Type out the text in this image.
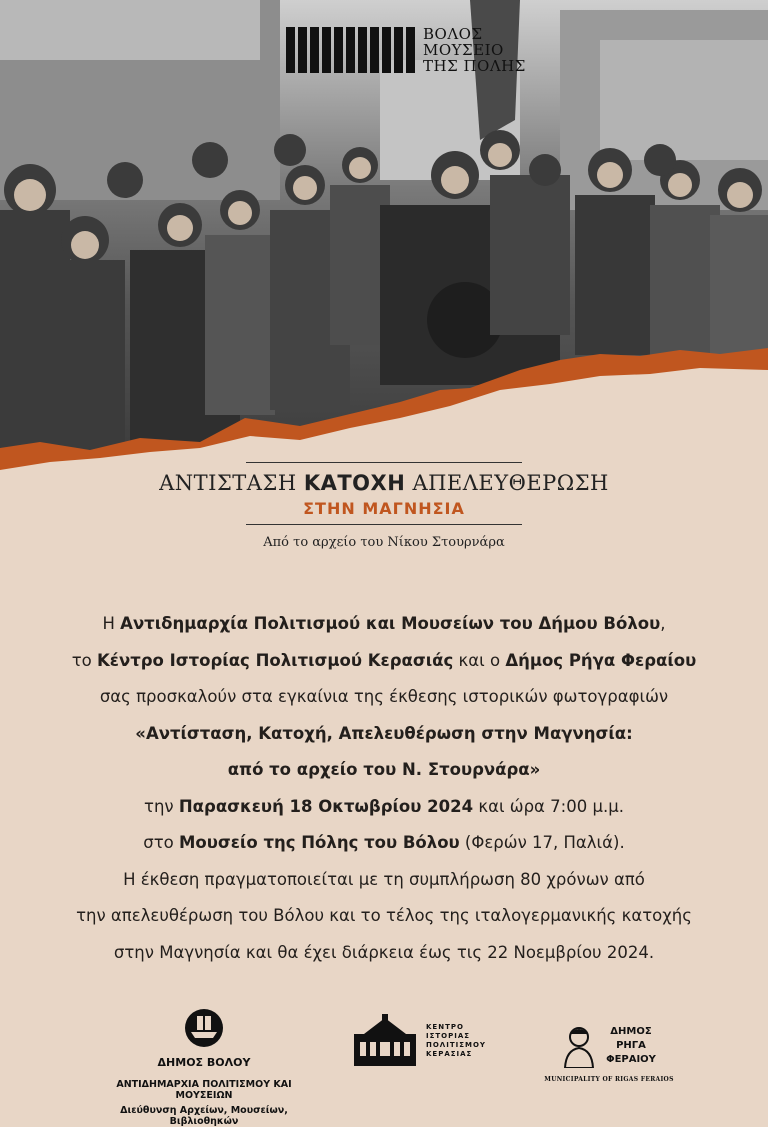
ΒΟΛΟΣ
ΜΟΥΣΕΙΟ
ΤΗΣ ΠΟΛΗΣ
ΑΝΤΙΣΤΑΣΗ ΚΑΤΟΧΗ ΑΠΕΛΕΥΘΕΡΩΣΗ
ΣΤΗΝ ΜΑΓΝΗΣΙΑ
Από το αρχείο του Νίκου Στουρνάρα

Η Αντιδημαρχία Πολιτισμού και Μουσείων του Δήμου Βόλου,

το Κέντρο Ιστορίας Πολιτισμού Κερασιάς και ο Δήμος Ρήγα Φεραίου

σας προσκαλούν στα εγκαίνια της έκθεσης ιστορικών φωτογραφιών

«Αντίσταση, Κατοχή, Απελευθέρωση στην Μαγνησία:

από το αρχείο του Ν. Στουρνάρα»

την Παρασκευή 18 Οκτωβρίου 2024 και ώρα 7:00 μ.μ.

στο Μουσείο της Πόλης του Βόλου (Φερών 17, Παλιά).

Η έκθεση πραγματοποιείται με τη συμπλήρωση 80 χρόνων από

την απελευθέρωση του Βόλου και το τέλος της ιταλογερμανικής κατοχής

στην Μαγνησία και θα έχει διάρκεια έως τις 22 Νοεμβρίου 2024.

ΔΗΜΟΣ ΒΟΛΟΥ
ΑΝΤΙΔΗΜΑΡΧΙΑ ΠΟΛΙΤΙΣΜΟΥ ΚΑΙ ΜΟΥΣΕΙΩΝ
Διεύθυνση Αρχείων, Μουσείων, Βιβλιοθηκών
ΚΕΝΤΡΟ
ΙΣΤΟΡΙΑΣ
ΠΟΛΙΤΙΣΜΟΥ
ΚΕΡΑΣΙΑΣ
ΔΗΜΟΣ
ΡΗΓΑ
ΦΕΡΑΙΟΥ
MUNICIPALITY OF RIGAS FERAIOS
